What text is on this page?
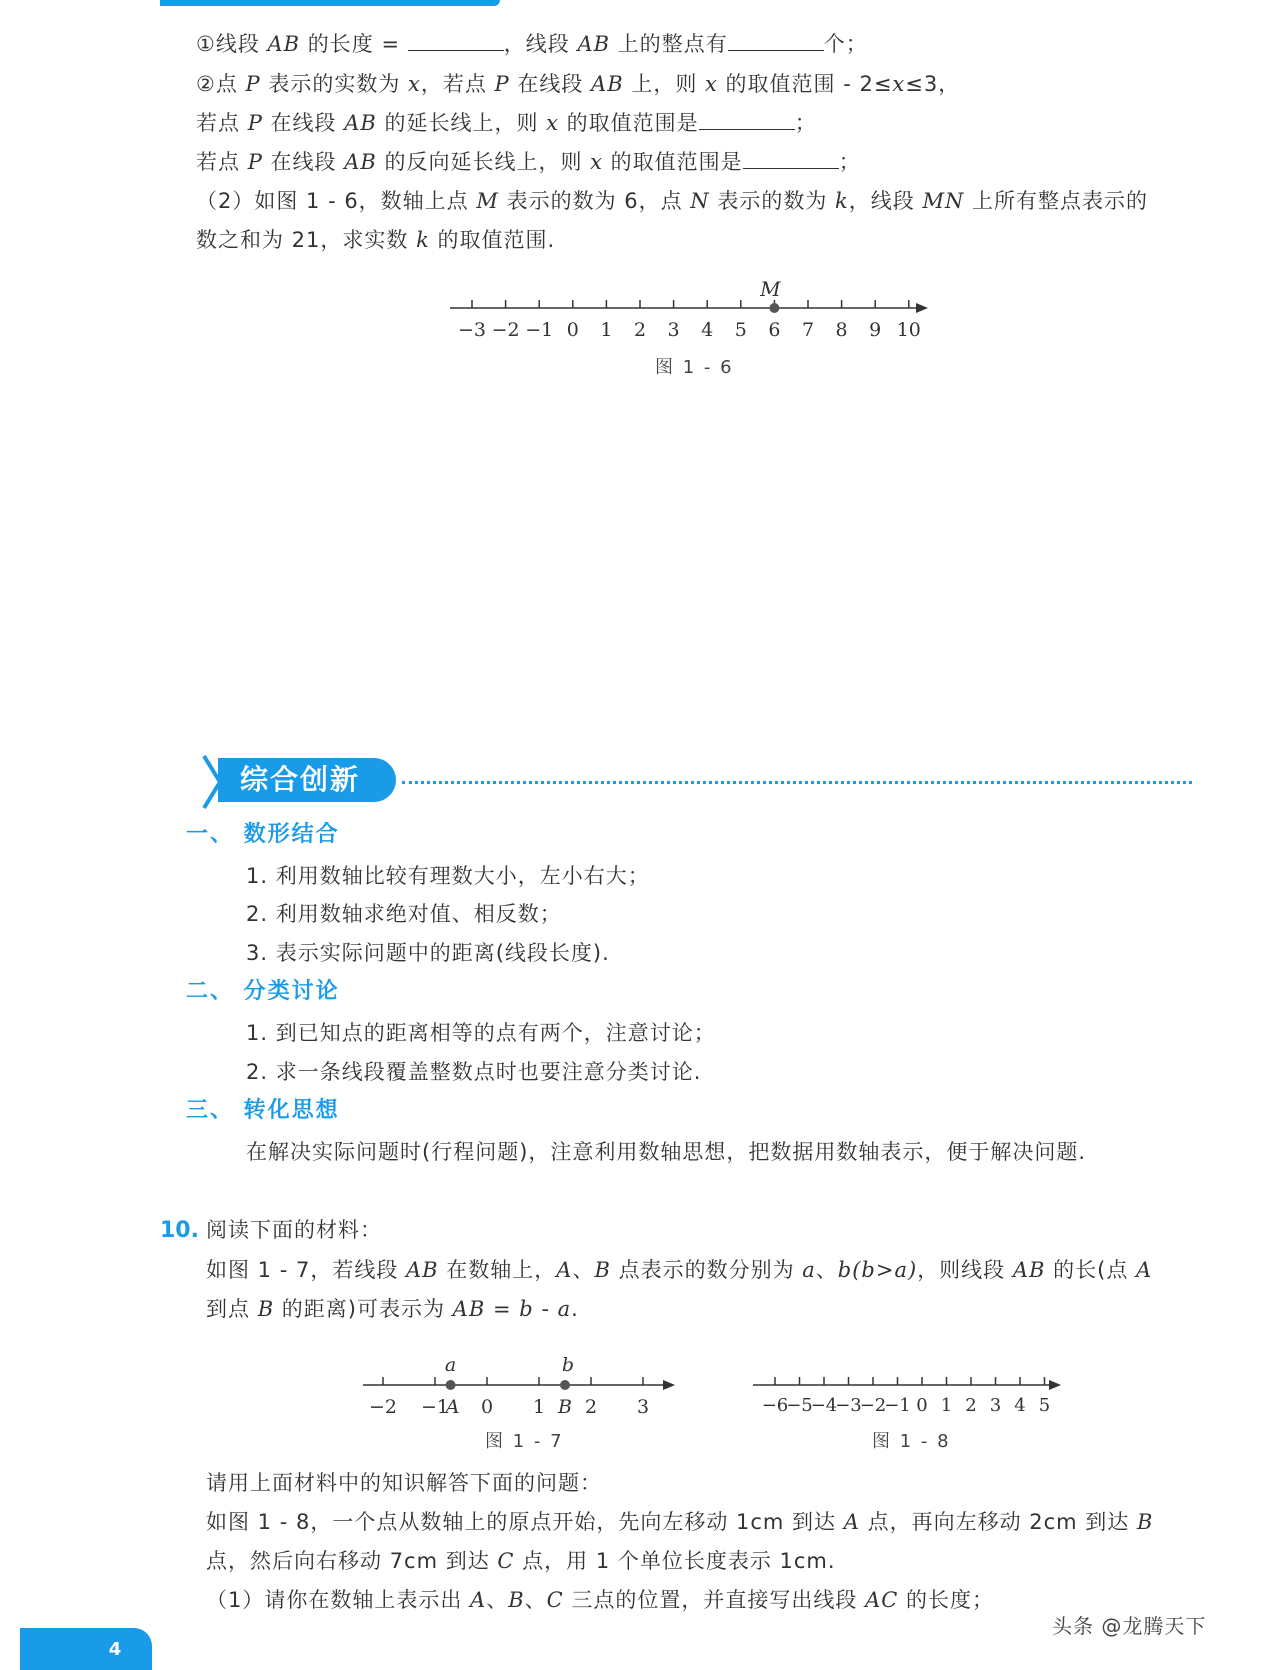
①线段 AB 的长度 =	，线段 AB 上的整点有	个；
②点 P 表示的实数为 x，若点 P 在线段 AB 上，则 x 的取值范围 - 2≤x≤3，
若点 P 在线段 AB 的延长线上，则 x 的取值范围是	；
若点 P 在线段 AB 的反向延长线上，则 x 的取值范围是	；
（2）如图 1 - 6，数轴上点 M 表示的数为 6，点 N 表示的数为 k，线段 MN 上所有整点表示的
数之和为 21，求实数 k 的取值范围.
−3 −2 −1 0 1 2 3 4 5 6 7 8 9 10
M
图 1 - 6
综合创新
一、 数形结合
1. 利用数轴比较有理数大小，左小右大；
2. 利用数轴求绝对值、相反数；
3. 表示实际问题中的距离(线段长度).
二、 分类讨论
1. 到已知点的距离相等的点有两个，注意讨论；
2. 求一条线段覆盖整数点时也要注意分类讨论.
三、 转化思想
在解决实际问题时(行程问题)，注意利用数轴思想，把数据用数轴表示，便于解决问题.
10. 阅读下面的材料：
如图 1 - 7，若线段 AB 在数轴上，A、B 点表示的数分别为 a、b(b>a)，则线段 AB 的长(点 A
到点 B 的距离)可表示为 AB = b - a.
−2 −1 0 1 2 3
a	b
A	B
图 1 - 7
−6
−5
−4
−3
−2
−1 0 1 2 3 4 5
图 1 - 8
请用上面材料中的知识解答下面的问题：
如图 1 - 8，一个点从数轴上的原点开始，先向左移动 1cm 到达 A 点，再向左移动 2cm 到达 B
点，然后向右移动 7cm 到达 C 点，用 1 个单位长度表示 1cm.
（1）请你在数轴上表示出 A、B、C 三点的位置，并直接写出线段 AC 的长度；
4
头条 @龙腾天下
